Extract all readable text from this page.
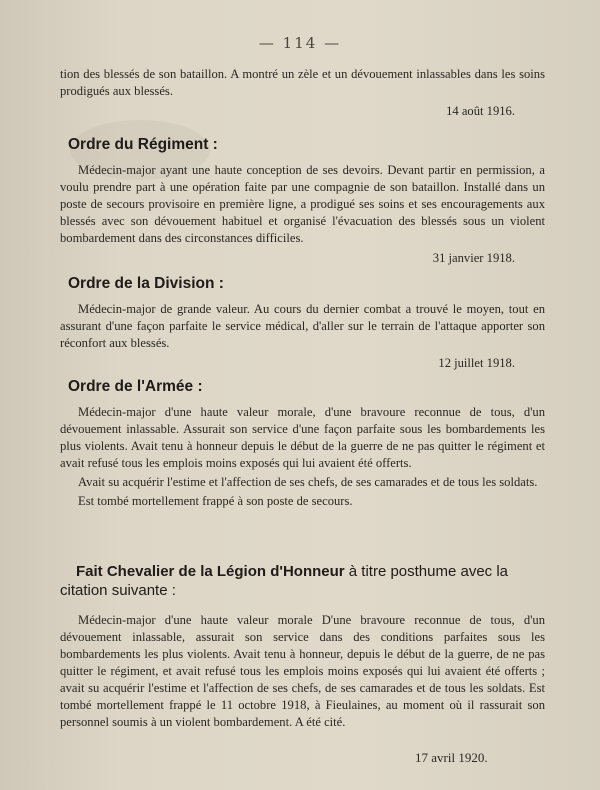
— 114 —

tion des blessés de son bataillon. A montré un zèle et un dévouement inlassables dans les soins prodigués aux blessés.

14 août 1916.
Ordre du Régiment :

Médecin-major ayant une haute conception de ses devoirs. Devant partir en permission, a voulu prendre part à une opération faite par une compagnie de son bataillon. Installé dans un poste de secours provisoire en première ligne, a prodigué ses soins et ses encouragements aux blessés avec son dévouement habituel et organisé l'évacuation des blessés sous un violent bombardement dans des circonstances difficiles.

31 janvier 1918.
Ordre de la Division :

Médecin-major de grande valeur. Au cours du dernier combat a trouvé le moyen, tout en assurant d'une façon parfaite le service médical, d'aller sur le terrain de l'attaque apporter son réconfort aux blessés.

12 juillet 1918.
Ordre de l'Armée :

Médecin-major d'une haute valeur morale, d'une bravoure reconnue de tous, d'un dévouement inlassable. Assurait son service d'une façon parfaite sous les bombardements les plus violents. Avait tenu à honneur depuis le début de la guerre de ne pas quitter le régiment et avait refusé tous les emplois moins exposés qui lui avaient été offerts.

Avait su acquérir l'estime et l'affection de ses chefs, de ses camarades et de tous les soldats.

Est tombé mortellement frappé à son poste de secours.

Fait Chevalier de la Légion d'Honneur à titre posthume avec la citation suivante :

Médecin-major d'une haute valeur morale D'une bravoure reconnue de tous, d'un dévouement inlassable, assurait son service dans des conditions parfaites sous les bombardements les plus violents. Avait tenu à honneur, depuis le début de la guerre, de ne pas quitter le régiment, et avait refusé tous les emplois moins exposés qui lui avaient été offerts ; avait su acquérir l'estime et l'affection de ses chefs, de ses camarades et de tous les soldats. Est tombé mortellement frappé le 11 octobre 1918, à Fieulaines, au moment où il rassurait son personnel soumis à un violent bombardement. A été cité.

17 avril 1920.
